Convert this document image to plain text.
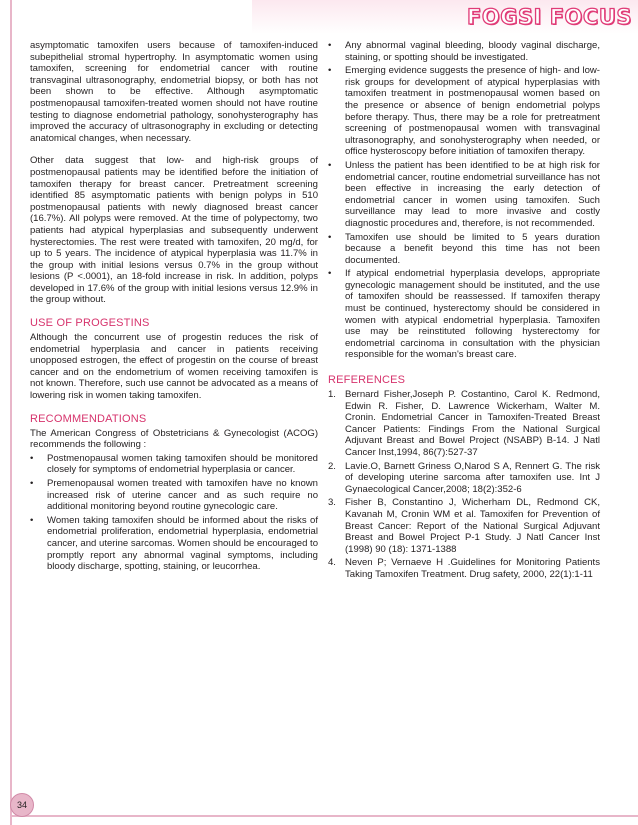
FOGSI FOCUS

asymptomatic tamoxifen users because of tamoxifen-induced subepithelial stromal hypertrophy. In asymptomatic women using tamoxifen, screening for endometrial cancer with routine transvaginal ultrasonography, endometrial biopsy, or both has not been shown to be effective. Although asymptomatic postmenopausal tamoxifen-treated women should not have routine testing to diagnose endometrial pathology, sonohysterography has improved the accuracy of ultrasonography in excluding or detecting anatomical changes, when necessary.

Other data suggest that low- and high-risk groups of postmenopausal patients may be identified before the initiation of tamoxifen therapy for breast cancer. Pretreatment screening identified 85 asymptomatic patients with benign polyps in 510 postmenopausal patients with newly diagnosed breast cancer (16.7%). All polyps were removed. At the time of polypectomy, two patients had atypical hyperplasias and subsequently underwent hysterectomies. The rest were treated with tamoxifen, 20 mg/d, for up to 5 years. The incidence of atypical hyperplasia was 11.7% in the group with initial lesions versus 0.7% in the group without lesions (P <.0001), an 18-fold increase in risk. In addition, polyps developed in 17.6% of the group with initial lesions versus 12.9% in the group without.

USE OF PROGESTINS

Although the concurrent use of progestin reduces the risk of endometrial hyperplasia and cancer in patients receiving unopposed estrogen, the effect of progestin on the course of breast cancer and on the endometrium of women receiving tamoxifen is not known. Therefore, such use cannot be advocated as a means of lowering risk in women taking tamoxifen.

RECOMMENDATIONS

The American Congress of Obstetricians & Gynecologist (ACOG) recommends the following :

•	Postmenopausal women taking tamoxifen should be monitored closely for symptoms of endometrial hyperplasia or cancer.
•	Premenopausal women treated with tamoxifen have no known increased risk of uterine cancer and as such require no additional monitoring beyond routine gynecologic care.
•	Women taking tamoxifen should be informed about the risks of endometrial proliferation, endometrial hyperplasia, endometrial cancer, and uterine sarcomas. Women should be encouraged to promptly report any abnormal vaginal symptoms, including bloody discharge, spotting, staining, or leucorrhea.
•	Any abnormal vaginal bleeding, bloody vaginal discharge, staining, or spotting should be investigated.
•	Emerging evidence suggests the presence of high- and low-risk groups for development of atypical hyperplasias with tamoxifen treatment in postmenopausal women based on the presence or absence of benign endometrial polyps before therapy. Thus, there may be a role for pretreatment screening of postmenopausal women with transvaginal ultrasonography, and sonohysterography when needed, or office hysteroscopy before initiation of tamoxifen therapy.
•	Unless the patient has been identified to be at high risk for endometrial cancer, routine endometrial surveillance has not been effective in increasing the early detection of endometrial cancer in women using tamoxifen. Such surveillance may lead to more invasive and costly diagnostic procedures and, therefore, is not recommended.
•	Tamoxifen use should be limited to 5 years duration because a benefit beyond this time has not been documented.
•	If atypical endometrial hyperplasia develops, appropriate gynecologic management should be instituted, and the use of tamoxifen should be reassessed. If tamoxifen therapy must be continued, hysterectomy should be considered in women with atypical endometrial hyperplasia. Tamoxifen use may be reinstituted following hysterectomy for endometrial carcinoma in consultation with the physician responsible for the woman's breast care.
REFERENCES
1. Bernard Fisher,Joseph P. Costantino, Carol K. Redmond, Edwin R. Fisher, D. Lawrence Wickerham, Walter M. Cronin. Endometrial Cancer in Tamoxifen-Treated Breast Cancer Patients: Findings From the National Surgical Adjuvant Breast and Bowel Project (NSABP) B-14. J Natl Cancer Inst,1994, 86(7):527-37
2. Lavie.O, Barnett Griness O,Narod S A, Rennert G. The risk of developing uterine sarcoma after tamoxifen use. Int J Gynaecological Cancer,2008; 18(2):352-6
3. Fisher B, Constantino J, Wicherham DL, Redmond CK, Kavanah M, Cronin WM et al. Tamoxifen for Prevention of Breast Cancer: Report of the National Surgical Adjuvant Breast and Bowel Project P-1 Study. J Natl Cancer Inst (1998) 90 (18): 1371-1388
4. Neven P; Vernaeve H .Guidelines for Monitoring Patients Taking Tamoxifen Treatment. Drug safety, 2000, 22(1):1-11
34
